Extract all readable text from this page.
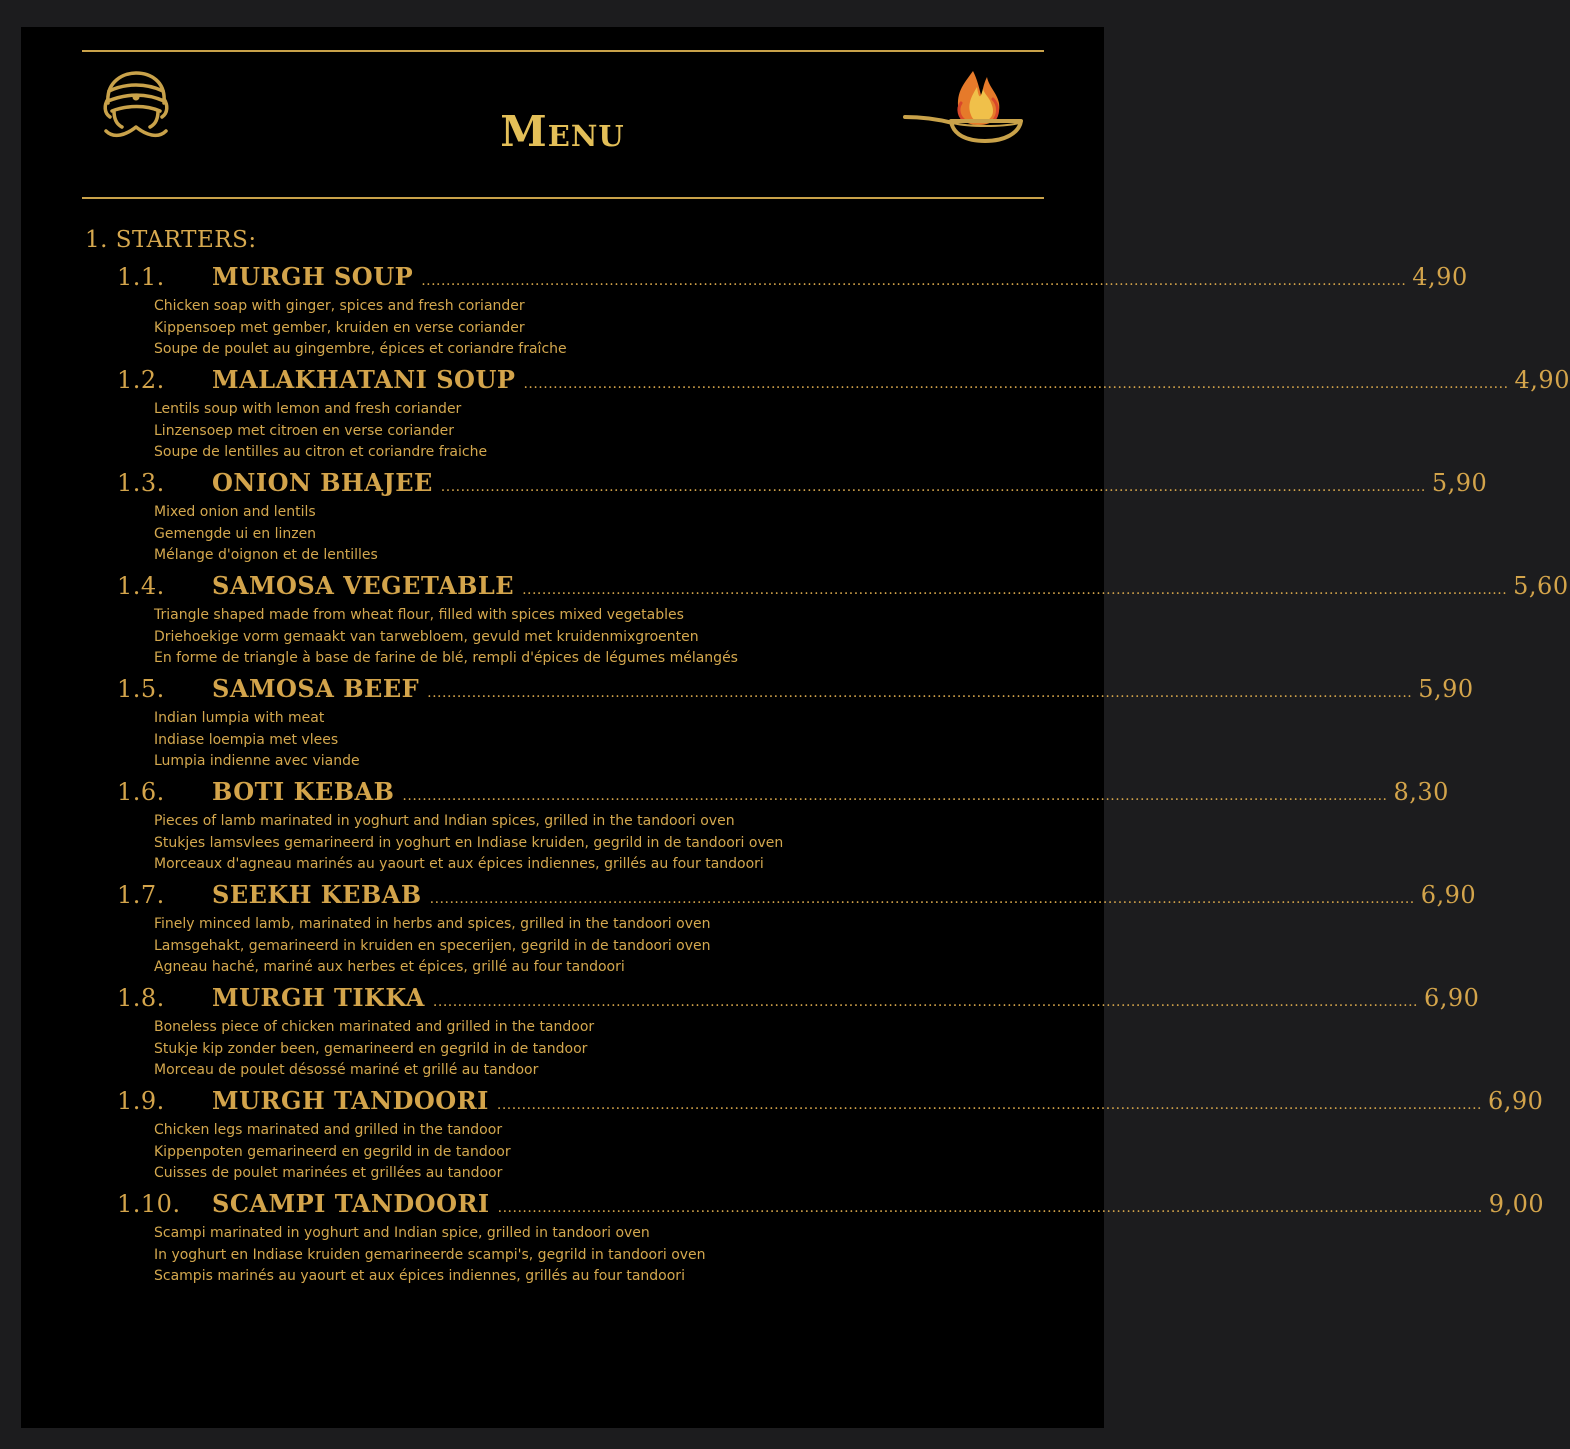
Menu
1. STARTERS:
1.1.	MURGH SOUP ....................................................................................................................................................................................................... 4,90
Chicken soap with ginger, spices and fresh coriander
Kippensoep met gember, kruiden en verse coriander
Soupe de poulet au gingembre, épices et coriandre fraîche
1.2.	MALAKHATANI SOUP ....................................................................................................................................................................................................... 4,90
Lentils soup with lemon and fresh coriander
Linzensoep met citroen en verse coriander
Soupe de lentilles au citron et coriandre fraiche
1.3.	ONION BHAJEE ....................................................................................................................................................................................................... 5,90
Mixed onion and lentils
Gemengde ui en linzen
Mélange d'oignon et de lentilles
1.4.	SAMOSA VEGETABLE ....................................................................................................................................................................................................... 5,60
Triangle shaped made from wheat flour, filled with spices mixed vegetables
Driehoekige vorm gemaakt van tarwebloem, gevuld met kruidenmixgroenten
En forme de triangle à base de farine de blé, rempli d'épices de légumes mélangés
1.5.	SAMOSA BEEF ....................................................................................................................................................................................................... 5,90
Indian lumpia with meat
Indiase loempia met vlees
Lumpia indienne avec viande
1.6.	BOTI KEBAB ....................................................................................................................................................................................................... 8,30
Pieces of lamb marinated in yoghurt and Indian spices, grilled in the tandoori oven
Stukjes lamsvlees gemarineerd in yoghurt en Indiase kruiden, gegrild in de tandoori oven
Morceaux d'agneau marinés au yaourt et aux épices indiennes, grillés au four tandoori
1.7.	SEEKH KEBAB ....................................................................................................................................................................................................... 6,90
Finely minced lamb, marinated in herbs and spices, grilled in the tandoori oven
Lamsgehakt, gemarineerd in kruiden en specerijen, gegrild in de tandoori oven
Agneau haché, mariné aux herbes et épices, grillé au four tandoori
1.8.	MURGH TIKKA ....................................................................................................................................................................................................... 6,90
Boneless piece of chicken marinated and grilled in the tandoor
Stukje kip zonder been, gemarineerd en gegrild in de tandoor
Morceau de poulet désossé mariné et grillé au tandoor
1.9.	MURGH TANDOORI ....................................................................................................................................................................................................... 6,90
Chicken legs marinated and grilled in the tandoor
Kippenpoten gemarineerd en gegrild in de tandoor
Cuisses de poulet marinées et grillées au tandoor
1.10.	SCAMPI TANDOORI ....................................................................................................................................................................................................... 9,00
Scampi marinated in yoghurt and Indian spice, grilled in tandoori oven
In yoghurt en Indiase kruiden gemarineerde scampi's, gegrild in tandoori oven
Scampis marinés au yaourt et aux épices indiennes, grillés au four tandoori
